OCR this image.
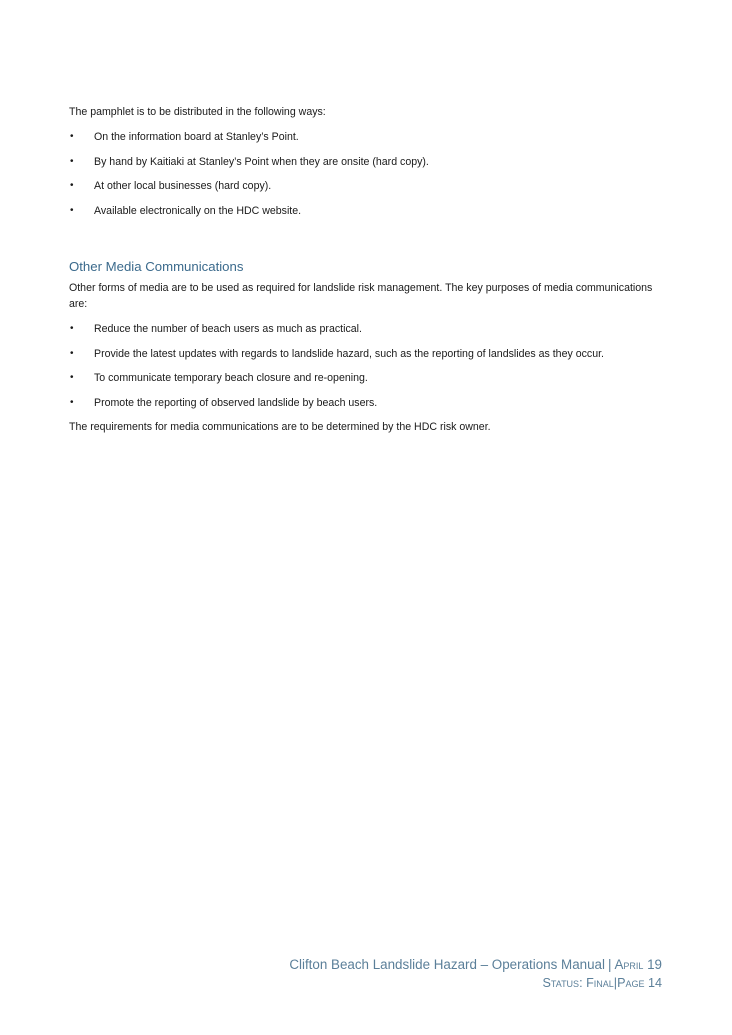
The pamphlet is to be distributed in the following ways:

• On the information board at Stanley’s Point.
• By hand by Kaitiaki at Stanley’s Point when they are onsite (hard copy).
• At other local businesses (hard copy).
• Available electronically on the HDC website.
Other Media Communications

Other forms of media are to be used as required for landslide risk management. The key purposes of media communications are:

• Reduce the number of beach users as much as practical.
• Provide the latest updates with regards to landslide hazard, such as the reporting of landslides as they occur.
• To communicate temporary beach closure and re-opening.
• Promote the reporting of observed landslide by beach users.

The requirements for media communications are to be determined by the HDC risk owner.

Clifton Beach Landslide Hazard – Operations Manual | April 19
Status: Final|Page 14
